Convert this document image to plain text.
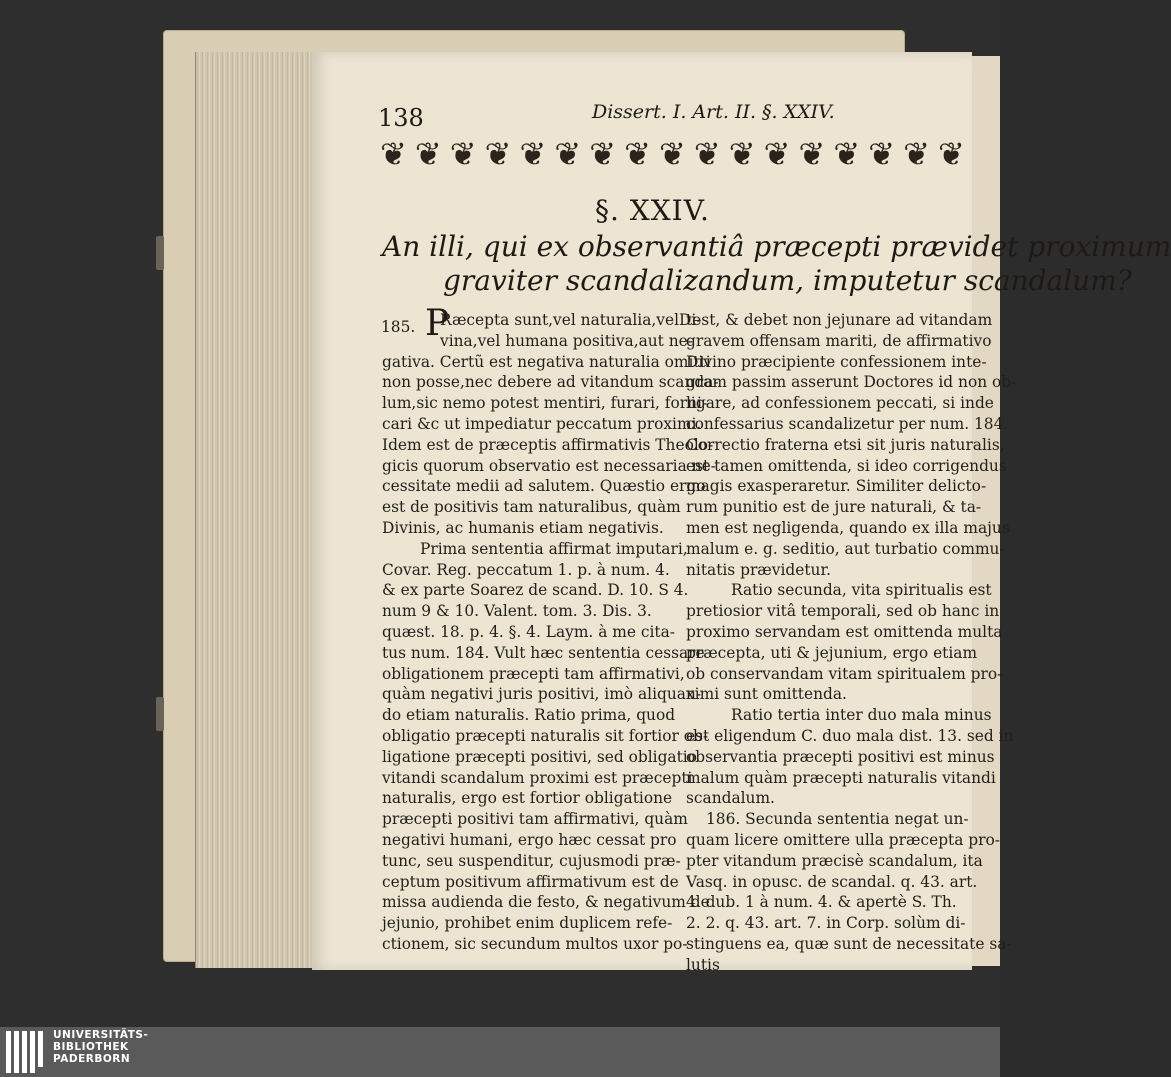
138	Dissert. I. Art. II. §. XXIV.
❦ ❦ ❦ ❦ ❦ ❦ ❦ ❦ ❦ ❦ ❦ ❦ ❦ ❦ ❦ ❦ ❦
§. XXIV.
An illi, qui ex observantiâ præcepti prævidet proximum
graviter scandalizandum, imputetur scandalum?
185. P
Ræcepta sunt,vel naturalia,velDi-
vina,vel humana positiva,aut ne-
gativa. Certũ est negativa naturalia omitti
non posse,nec debere ad vitandum scanda-
lum,sic nemo potest mentiri, furari, forni-
cari &c ut impediatur peccatum proximi.
Idem est de præceptis affirmativis Theolo-
gicis quorum observatio est necessaria ne-
cessitate medii ad salutem. Quæstio ergo
est de positivis tam naturalibus, quàm
Divinis, ac humanis etiam negativis.
Prima sententia affirmat imputari,
Covar. Reg. peccatum 1. p. à num. 4.
& ex parte Soarez de scand. D. 10. S 4.
num 9 & 10. Valent. tom. 3. Dis. 3.
quæst. 18. p. 4. §. 4. Laym. à me cita-
tus num. 184. Vult hæc sententia cessare
obligationem præcepti tam affirmativi,
quàm negativi juris positivi, imò aliquan-
do etiam naturalis. Ratio prima, quod
obligatio præcepti naturalis sit fortior ob-
ligatione præcepti positivi, sed obligatio
vitandi scandalum proximi est præcepti
naturalis, ergo est fortior obligatione
præcepti positivi tam affirmativi, quàm
negativi humani, ergo hæc cessat pro
tunc, seu suspenditur, cujusmodi præ-
ceptum positivum affirmativum est de
missa audienda die festo, & negativum de
jejunio, prohibet enim duplicem refe-
ctionem, sic secundum multos uxor po-
test, & debet non jejunare ad vitandam
gravem offensam mariti, de affirmativo
Divino præcipiente confessionem inte-
gram passim asserunt Doctores id non ob-
ligare, ad confessionem peccati, si inde
confessarius scandalizetur per num. 184.
Correctio fraterna etsi sit juris naturalis,
est tamen omittenda, si ideo corrigendus
magis exasperaretur. Similiter delicto-
rum punitio est de jure naturali, & ta-
men est negligenda, quando ex illa majus
malum e. g. seditio, aut turbatio commu-
nitatis prævidetur.
Ratio secunda, vita spiritualis est
pretiosior vitâ temporali, sed ob hanc in
proximo servandam est omittenda multa
præcepta, uti & jejunium, ergo etiam
ob conservandam vitam spiritualem pro-
ximi sunt omittenda.
Ratio tertia inter duo mala minus
est eligendum C. duo mala dist. 13. sed in
observantia præcepti positivi est minus
malum quàm præcepti naturalis vitandi
scandalum.
186. Secunda sententia negat un-
quam licere omittere ulla præcepta pro-
pter vitandum præcisè scandalum, ita
Vasq. in opusc. de scandal. q. 43. art.
4. dub. 1 à num. 4. & apertè S. Th.
2. 2. q. 43. art. 7. in Corp. solùm di-
stinguens ea, quæ sunt de necessitate sa-
lutis
UNIVERSITÄTS-
BIBLIOTHEK
PADERBORN
